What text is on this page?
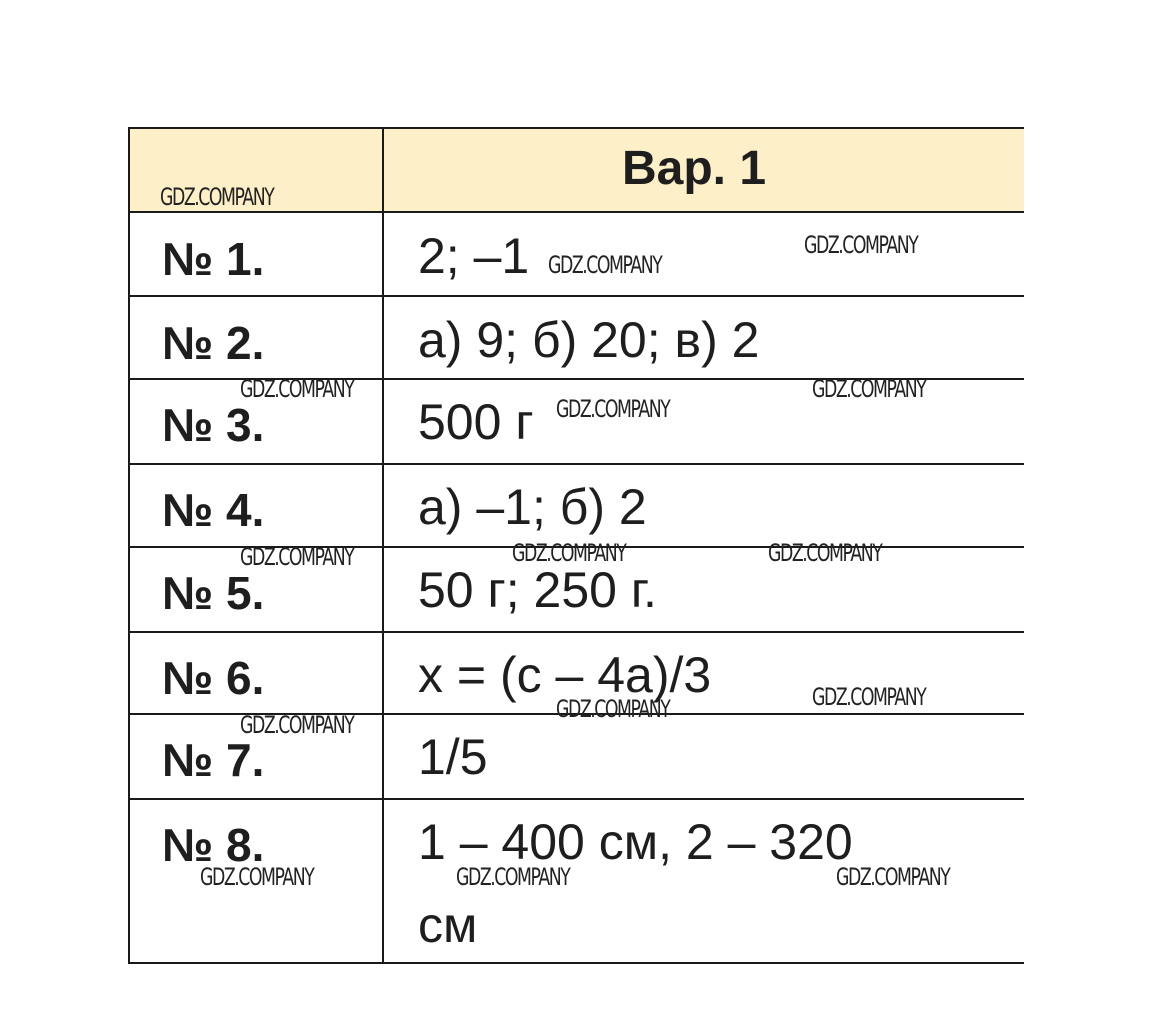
Вар. 1
№ 1.	2; –1
№ 2.	а) 9; б) 20; в) 2
№ 3.	500 г
№ 4.	а) –1; б) 2
№ 5.	50 г; 250 г.
№ 6.	х = (с – 4а)/3
№ 7.	1/5
№ 8.	1 – 400 см, 2 – 320
см
GDZ.COMPANY
GDZ.COMPANY
GDZ.COMPANY
GDZ.COMPANY
GDZ.COMPANY
GDZ.COMPANY
GDZ.COMPANY	GDZ.COMPANY	GDZ.COMPANY
GDZ.COMPANY	GDZ.COMPANY
GDZ.COMPANY
GDZ.COMPANY	GDZ.COMPANY	GDZ.COMPANY
